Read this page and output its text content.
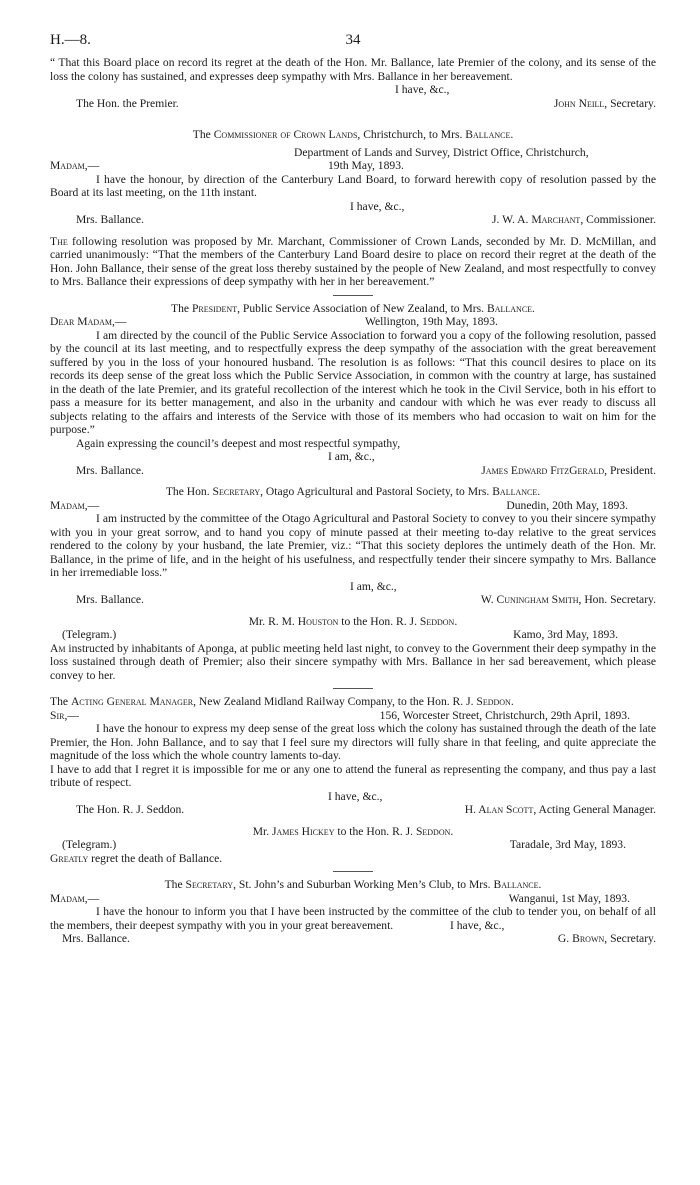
H.—8.	34

“ That this Board place on record its regret at the death of the Hon. Mr. Ballance, late Premier of the colony, and its sense of the loss the colony has sustained, and expresses deep sympathy with Mrs. Ballance in her bereavement.

I have, &c.,
The Hon. the Premier.	John Neill, Secretary.

The Commissioner of Crown Lands, Christchurch, to Mrs. Ballance.

Department of Lands and Survey, District Office, Christchurch,
Madam,—	19th May, 1893.

I have the honour, by direction of the Canterbury Land Board, to forward herewith copy of resolution passed by the Board at its last meeting, on the 11th instant.

I have, &c.,
Mrs. Ballance.	J. W. A. Marchant, Commissioner.

The following resolution was proposed by Mr. Marchant, Commissioner of Crown Lands, seconded by Mr. D. McMillan, and carried unanimously: “That the members of the Canterbury Land Board desire to place on record their regret at the death of the Hon. John Ballance, their sense of the great loss thereby sustained by the people of New Zealand, and most respectfully to convey to Mrs. Ballance their expressions of deep sympathy with her in her bereavement.”

The President, Public Service Association of New Zealand, to Mrs. Ballance.

Dear Madam,—	Wellington, 19th May, 1893.

I am directed by the council of the Public Service Association to forward you a copy of the following resolution, passed by the council at its last meeting, and to respectfully express the deep sympathy of the association with the great bereavement suffered by you in the loss of your honoured husband. The resolution is as follows: “That this council desires to place on its records its deep sense of the great loss which the Public Service Association, in common with the country at large, has sustained in the death of the late Premier, and its grateful recollection of the interest which he took in the Civil Service, both in his effort to pass a measure for its better management, and also in the urbanity and candour with which he was ever ready to discuss all subjects relating to the affairs and interests of the Service with those of its members who had occasion to wait on him for the purpose.”

Again expressing the council’s deepest and most respectful sympathy,

I am, &c.,
Mrs. Ballance.	James Edward FitzGerald, President.

The Hon. Secretary, Otago Agricultural and Pastoral Society, to Mrs. Ballance.

Madam,—	Dunedin, 20th May, 1893.

I am instructed by the committee of the Otago Agricultural and Pastoral Society to convey to you their sincere sympathy with you in your great sorrow, and to hand you copy of minute passed at their meeting to-day relative to the great services rendered to the colony by your husband, the late Premier, viz.: “That this society deplores the untimely death of the Hon. Mr. Ballance, in the prime of life, and in the height of his usefulness, and respectfully tender their sincere sympathy to Mrs. Ballance in her irremediable loss.”

I am, &c.,
Mrs. Ballance.	W. Cuningham Smith, Hon. Secretary.

Mr. R. M. Houston to the Hon. R. J. Seddon.

(Telegram.)	Kamo, 3rd May, 1893.

Am instructed by inhabitants of Aponga, at public meeting held last night, to convey to the Government their deep sympathy in the loss sustained through death of Premier; also their sincere sympathy with Mrs. Ballance in her sad bereavement, which please convey to her.

The Acting General Manager, New Zealand Midland Railway Company, to the Hon. R. J. Seddon.

Sir,—	156, Worcester Street, Christchurch, 29th April, 1893.

I have the honour to express my deep sense of the great loss which the colony has sustained through the death of the late Premier, the Hon. John Ballance, and to say that I feel sure my directors will fully share in that feeling, and quite appreciate the magnitude of the loss which the whole country laments to-day.

I have to add that I regret it is impossible for me or any one to attend the funeral as representing the company, and thus pay a last tribute of respect.

I have, &c.,
The Hon. R. J. Seddon.	H. Alan Scott, Acting General Manager.

Mr. James Hickey to the Hon. R. J. Seddon.

(Telegram.)	Taradale, 3rd May, 1893.

Greatly regret the death of Ballance.

The Secretary, St. John’s and Suburban Working Men’s Club, to Mrs. Ballance.

Madam,—	Wanganui, 1st May, 1893.

I have the honour to inform you that I have been instructed by the committee of the club to tender you, on behalf of all the members, their deepest sympathy with you in your great bereavement.	I have, &c.,
Mrs. Ballance.	G. Brown, Secretary.
